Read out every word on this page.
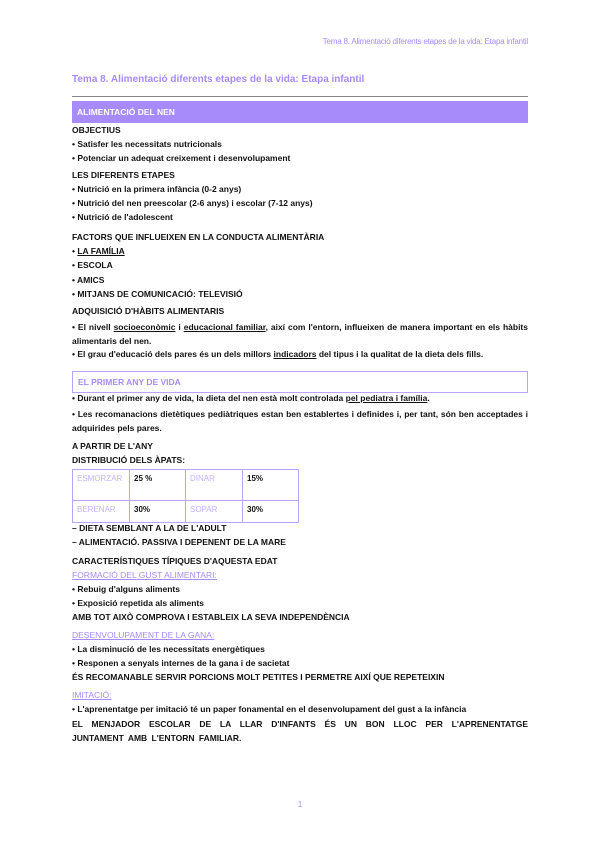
Tema 8. Alimentació diferents etapes de la vida: Etapa infantil
Tema 8. Alimentació diferents etapes de la vida: Etapa infantil
ALIMENTACIÓ DEL NEN
OBJECTIUS
• Satisfer les necessitats nutricionals
• Potenciar un adequat creixement i desenvolupament
LES DIFERENTS ETAPES
• Nutrició en la primera infància (0-2 anys)
• Nutrició del nen preescolar (2-6 anys) i escolar (7-12 anys)
• Nutrició de l'adolescent
FACTORS QUE INFLUEIXEN EN LA CONDUCTA ALIMENTÀRIA
• LA FAMÍLIA
• ESCOLA
• AMICS
• MITJANS DE COMUNICACIÓ: TELEVISIÓ
ADQUISICIÓ D'HÀBITS ALIMENTARIS
• El nivell socioeconòmic i educacional familiar, així com l'entorn, influeixen de manera important en els hàbits alimentaris del nen.
• El grau d'educació dels pares és un dels millors indicadors del tipus i la qualitat de la dieta dels fills.
EL PRIMER ANY DE VIDA
• Durant el primer any de vida, la dieta del nen està molt controlada pel pediatra i família.
• Les recomanacions dietètiques pediàtriques estan ben establertes i definides i, per tant, són ben acceptades i adquirides pels pares.
A PARTIR DE L'ANY
DISTRIBUCIÓ DELS ÀPATS:
ESMORZAR	25 %	DINAR	15%
BERENAR	30%	SOPAR	30%
– DIETA SEMBLANT A LA DE L'ADULT
– ALIMENTACIÓ. PASSIVA I DEPENENT DE LA MARE
CARACTERÍSTIQUES TÍPIQUES D'AQUESTA EDAT
FORMACIÓ DEL GUST ALIMENTARI:
• Rebuig d'alguns aliments
• Exposició repetida als aliments
AMB TOT AIXÒ COMPROVA I ESTABLEIX LA SEVA INDEPENDÈNCIA
DESENVOLUPAMENT DE LA GANA:
• La disminució de les necessitats energètiques
• Responen a senyals internes de la gana i de sacietat
ÉS RECOMANABLE SERVIR PORCIONS MOLT PETITES I PERMETRE AIXÍ QUE REPETEIXIN
IMITACIÓ:
• L'aprenentatge per imitació té un paper fonamental en el desenvolupament del gust a la infància
EL MENJADOR ESCOLAR DE LA LLAR D'INFANTS ÉS UN BON LLOC PER L'APRENENTATGE JUNTAMENT AMB L'ENTORN FAMILIAR.
1
